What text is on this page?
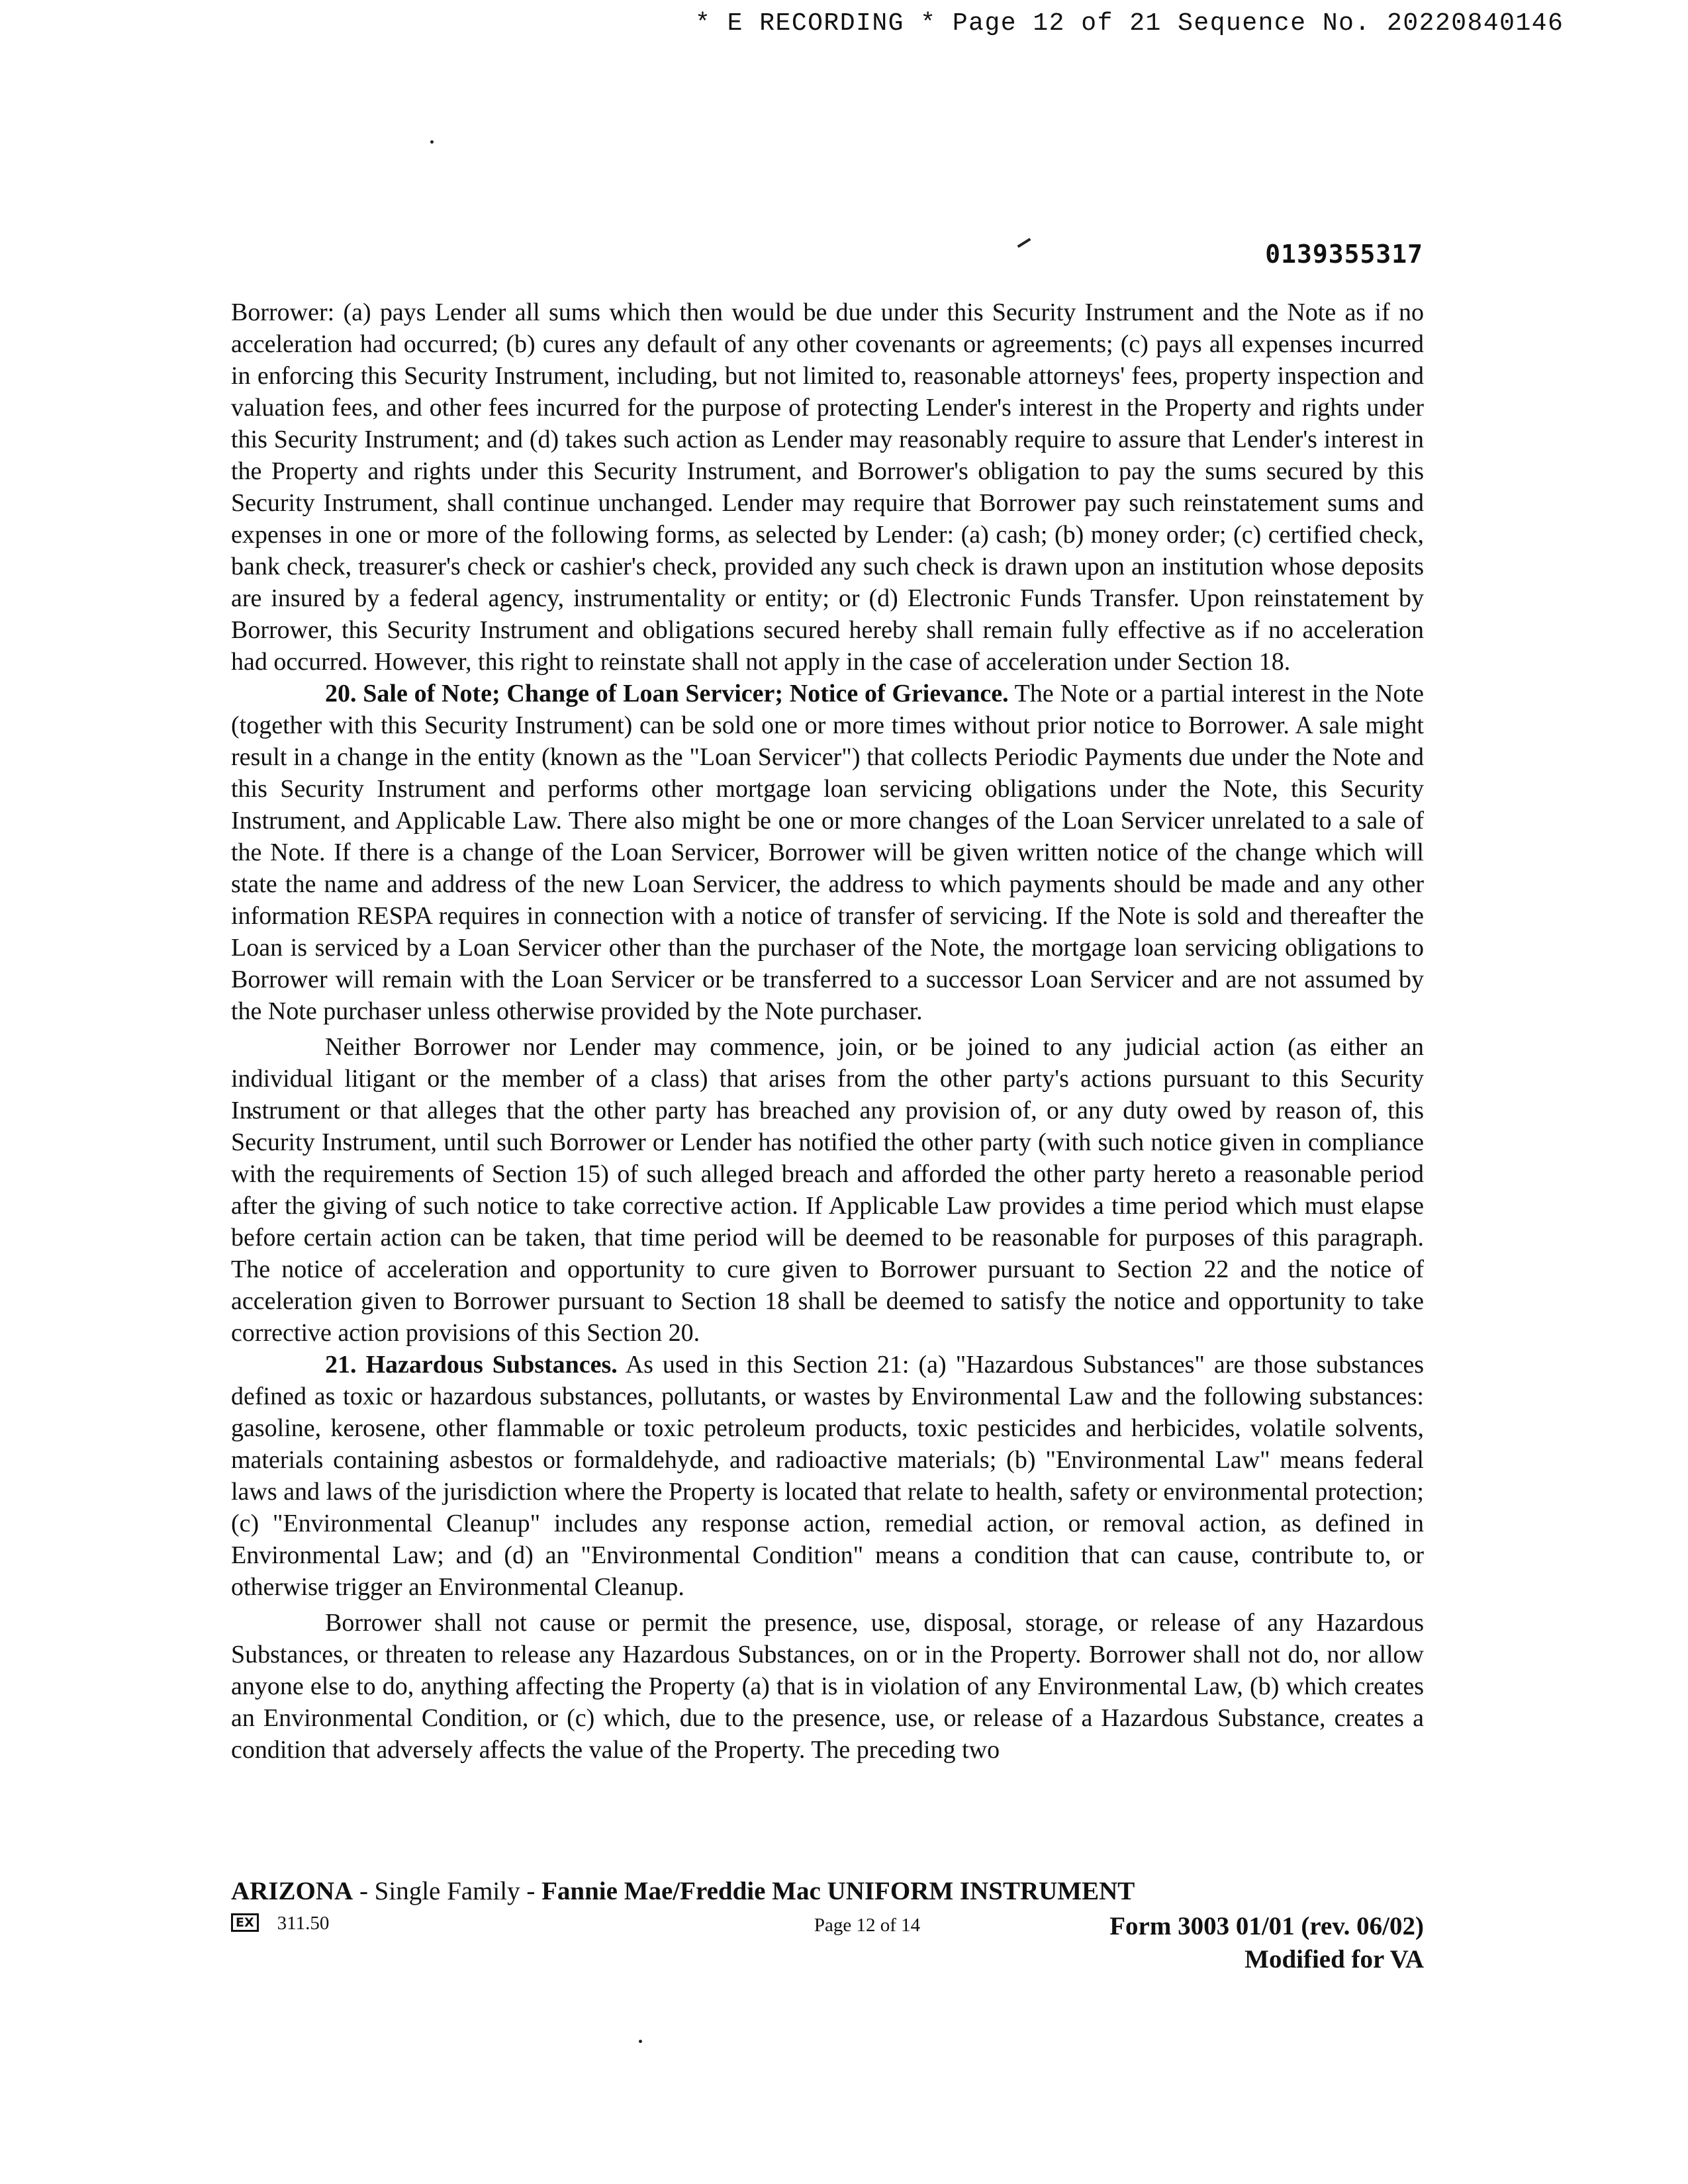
* E RECORDING * Page 12 of 21 Sequence No. 20220840146
0139355317

Borrower: (a) pays Lender all sums which then would be due under this Security Instrument and the Note as if no acceleration had occurred; (b) cures any default of any other covenants or agreements; (c) pays all expenses incurred in enforcing this Security Instrument, including, but not limited to, reasonable attorneys' fees, property inspection and valuation fees, and other fees incurred for the purpose of protecting Lender's interest in the Property and rights under this Security Instrument; and (d) takes such action as Lender may reasonably require to assure that Lender's interest in the Property and rights under this Security Instrument, and Borrower's obligation to pay the sums secured by this Security Instrument, shall continue unchanged. Lender may require that Borrower pay such reinstatement sums and expenses in one or more of the following forms, as selected by Lender: (a) cash; (b) money order; (c) certified check, bank check, treasurer's check or cashier's check, provided any such check is drawn upon an institution whose deposits are insured by a federal agency, instrumentality or entity; or (d) Electronic Funds Transfer. Upon reinstatement by Borrower, this Security Instrument and obligations secured hereby shall remain fully effective as if no acceleration had occurred. However, this right to reinstate shall not apply in the case of acceleration under Section 18.

20. Sale of Note; Change of Loan Servicer; Notice of Grievance. The Note or a partial interest in the Note (together with this Security Instrument) can be sold one or more times without prior notice to Borrower. A sale might result in a change in the entity (known as the "Loan Servicer") that collects Periodic Payments due under the Note and this Security Instrument and performs other mortgage loan servicing obligations under the Note, this Security Instrument, and Applicable Law. There also might be one or more changes of the Loan Servicer unrelated to a sale of the Note. If there is a change of the Loan Servicer, Borrower will be given written notice of the change which will state the name and address of the new Loan Servicer, the address to which payments should be made and any other information RESPA requires in connection with a notice of transfer of servicing. If the Note is sold and thereafter the Loan is serviced by a Loan Servicer other than the purchaser of the Note, the mortgage loan servicing obligations to Borrower will remain with the Loan Servicer or be transferred to a successor Loan Servicer and are not assumed by the Note purchaser unless otherwise provided by the Note purchaser.

Neither Borrower nor Lender may commence, join, or be joined to any judicial action (as either an individual litigant or the member of a class) that arises from the other party's actions pursuant to this Security Instrument or that alleges that the other party has breached any provision of, or any duty owed by reason of, this Security Instrument, until such Borrower or Lender has notified the other party (with such notice given in compliance with the requirements of Section 15) of such alleged breach and afforded the other party hereto a reasonable period after the giving of such notice to take corrective action. If Applicable Law provides a time period which must elapse before certain action can be taken, that time period will be deemed to be reasonable for purposes of this paragraph. The notice of acceleration and opportunity to cure given to Borrower pursuant to Section 22 and the notice of acceleration given to Borrower pursuant to Section 18 shall be deemed to satisfy the notice and opportunity to take corrective action provisions of this Section 20.

21. Hazardous Substances. As used in this Section 21: (a) "Hazardous Substances" are those substances defined as toxic or hazardous substances, pollutants, or wastes by Environmental Law and the following substances: gasoline, kerosene, other flammable or toxic petroleum products, toxic pesticides and herbicides, volatile solvents, materials containing asbestos or formaldehyde, and radioactive materials; (b) "Environmental Law" means federal laws and laws of the jurisdiction where the Property is located that relate to health, safety or environmental protection; (c) "Environmental Cleanup" includes any response action, remedial action, or removal action, as defined in Environmental Law; and (d) an "Environmental Condition" means a condition that can cause, contribute to, or otherwise trigger an Environmental Cleanup.

Borrower shall not cause or permit the presence, use, disposal, storage, or release of any Hazardous Substances, or threaten to release any Hazardous Substances, on or in the Property. Borrower shall not do, nor allow anyone else to do, anything affecting the Property (a) that is in violation of any Environmental Law, (b) which creates an Environmental Condition, or (c) which, due to the presence, use, or release of a Hazardous Substance, creates a condition that adversely affects the value of the Property. The preceding two

ARIZONA - Single Family - Fannie Mae/Freddie Mac UNIFORM INSTRUMENT
EX 311.50	Page 12 of 14	Form 3003 01/01 (rev. 06/02)
Modified for VA
